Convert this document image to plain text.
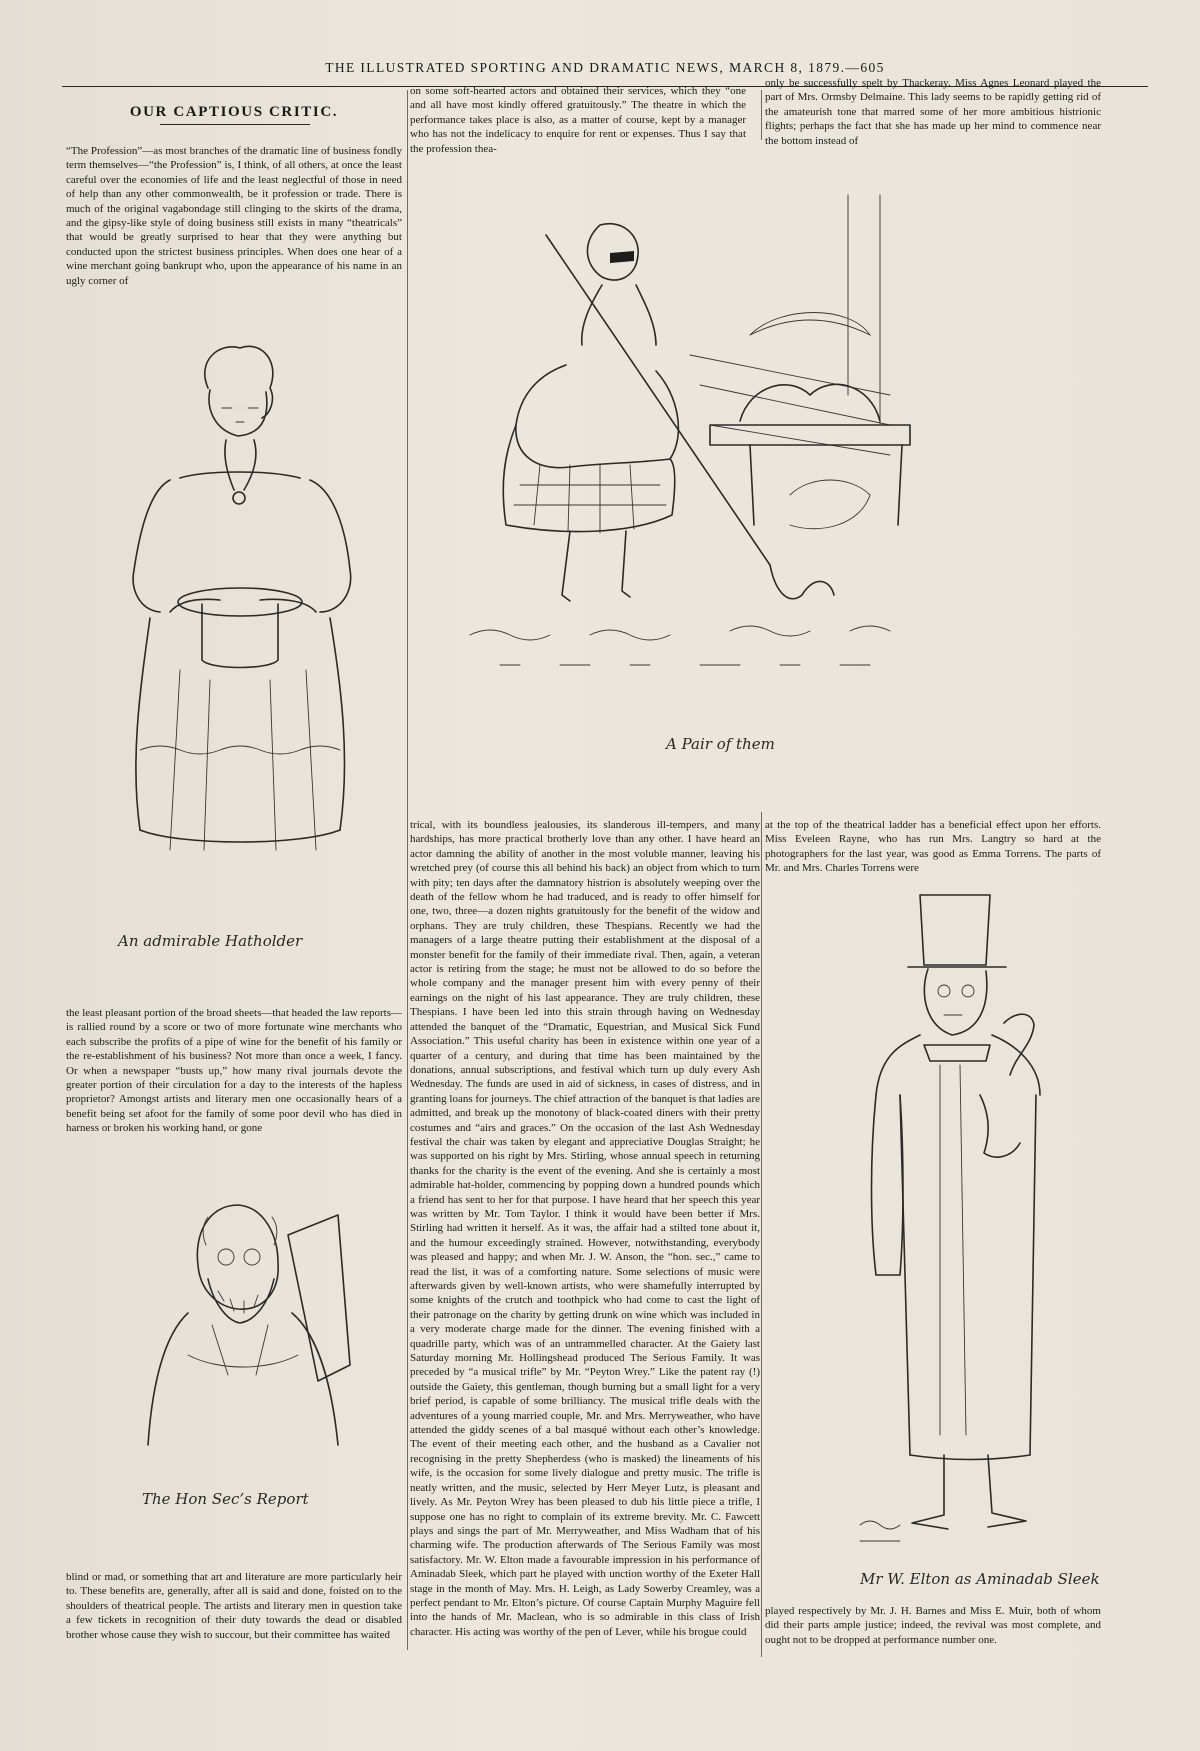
THE ILLUSTRATED SPORTING AND DRAMATIC NEWS, MARCH 8, 1879.—605
OUR CAPTIOUS CRITIC.

“The Profession”—as most branches of the dramatic line of business fondly term themselves—“the Profession” is, I think, of all others, at once the least careful over the economies of life and the least neglectful of those in need of help than any other commonwealth, be it profession or trade. There is much of the original vagabondage still clinging to the skirts of the drama, and the gipsy-like style of doing business still exists in many “theatricals” that would be greatly surprised to hear that they were anything but conducted upon the strictest business principles. When does one hear of a wine merchant going bankrupt who, upon the appearance of his name in an ugly corner of

the least pleasant portion of the broad sheets—that headed the law reports—is rallied round by a score or two of more fortunate wine merchants who each subscribe the profits of a pipe of wine for the benefit of his family or the re-establishment of his business? Not more than once a week, I fancy. Or when a newspaper “busts up,” how many rival journals devote the greater portion of their circulation for a day to the interests of the hapless proprietor? Amongst artists and literary men one occasionally hears of a benefit being set afoot for the family of some poor devil who has died in harness or broken his working hand, or gone

blind or mad, or something that art and literature are more particularly heir to. These benefits are, generally, after all is said and done, foisted on to the shoulders of theatrical people. The artists and literary men in question take a few tickets in recognition of their duty towards the dead or disabled brother whose cause they wish to succour, but their committee has waited

on some soft-hearted actors and obtained their services, which they “one and all have most kindly offered gratuitously.” The theatre in which the performance takes place is also, as a matter of course, kept by a manager who has not the indelicacy to enquire for rent or expenses. Thus I say that the profession thea-

trical, with its boundless jealousies, its slanderous ill-tempers, and many hardships, has more practical brotherly love than any other. I have heard an actor damning the ability of another in the most voluble manner, leaving his wretched prey (of course this all behind his back) an object from which to turn with pity; ten days after the damnatory histrion is absolutely weeping over the death of the fellow whom he had traduced, and is ready to offer himself for one, two, three—a dozen nights gratuitously for the benefit of the widow and orphans. They are truly children, these Thespians. Recently we had the managers of a large theatre putting their establishment at the disposal of a monster benefit for the family of their immediate rival. Then, again, a veteran actor is retiring from the stage; he must not be allowed to do so before the whole company and the manager present him with every penny of their earnings on the night of his last appearance. They are truly children, these Thespians. I have been led into this strain through having on Wednesday attended the banquet of the “Dramatic, Equestrian, and Musical Sick Fund Association.” This useful charity has been in existence within one year of a quarter of a century, and during that time has been maintained by the donations, annual subscriptions, and festival which turn up duly every Ash Wednesday. The funds are used in aid of sickness, in cases of distress, and in granting loans for journeys. The chief attraction of the banquet is that ladies are admitted, and break up the monotony of black-coated diners with their pretty costumes and “airs and graces.” On the occasion of the last Ash Wednesday festival the chair was taken by elegant and appreciative Douglas Straight; he was supported on his right by Mrs. Stirling, whose annual speech in returning thanks for the charity is the event of the evening. And she is certainly a most admirable hat-holder, commencing by popping down a hundred pounds which a friend has sent to her for that purpose. I have heard that her speech this year was written by Mr. Tom Taylor. I think it would have been better if Mrs. Stirling had written it herself. As it was, the affair had a stilted tone about it, and the humour exceedingly strained. However, notwithstanding, everybody was pleased and happy; and when Mr. J. W. Anson, the “hon. sec.,” came to read the list, it was of a comforting nature. Some selections of music were afterwards given by well-known artists, who were shamefully interrupted by some knights of the crutch and toothpick who had come to cast the light of their patronage on the charity by getting drunk on wine which was included in a very moderate charge made for the dinner. The evening finished with a quadrille party, which was of an untrammelled character. At the Gaiety last Saturday morning Mr. Hollingshead produced The Serious Family. It was preceded by “a musical trifle” by Mr. “Peyton Wrey.” Like the patent ray (!) outside the Gaiety, this gentleman, though burning but a small light for a very brief period, is capable of some brilliancy. The musical trifle deals with the adventures of a young married couple, Mr. and Mrs. Merryweather, who have attended the giddy scenes of a bal masqué without each other’s knowledge. The event of their meeting each other, and the husband as a Cavalier not recognising in the pretty Shepherdess (who is masked) the lineaments of his wife, is the occasion for some lively dialogue and pretty music. The trifle is neatly written, and the music, selected by Herr Meyer Lutz, is pleasant and lively. As Mr. Peyton Wrey has been pleased to dub his little piece a trifle, I suppose one has no right to complain of its extreme brevity. Mr. C. Fawcett plays and sings the part of Mr. Merryweather, and Miss Wadham that of his charming wife. The production afterwards of The Serious Family was most satisfactory. Mr. W. Elton made a favourable impression in his performance of Aminadab Sleek, which part he played with unction worthy of the Exeter Hall stage in the month of May. Mrs. H. Leigh, as Lady Sowerby Creamley, was a perfect pendant to Mr. Elton’s picture. Of course Captain Murphy Maguire fell into the hands of Mr. Maclean, who is so admirable in this class of Irish character. His acting was worthy of the pen of Lever, while his brogue could

only be successfully spelt by Thackeray. Miss Agnes Leonard played the part of Mrs. Ormsby Delmaine. This lady seems to be rapidly getting rid of the amateurish tone that marred some of her more ambitious histrionic flights; perhaps the fact that she has made up her mind to commence near the bottom instead of

at the top of the theatrical ladder has a beneficial effect upon her efforts. Miss Eveleen Rayne, who has run Mrs. Langtry so hard at the photographers for the last year, was good as Emma Torrens. The parts of Mr. and Mrs. Charles Torrens were

played respectively by Mr. J. H. Barnes and Miss E. Muir, both of whom did their parts ample justice; indeed, the revival was most complete, and ought not to be dropped at performance number one.

An admirable Hatholder
A Pair of them
The Hon Sec’s Report
Mr W. Elton as Aminadab Sleek
